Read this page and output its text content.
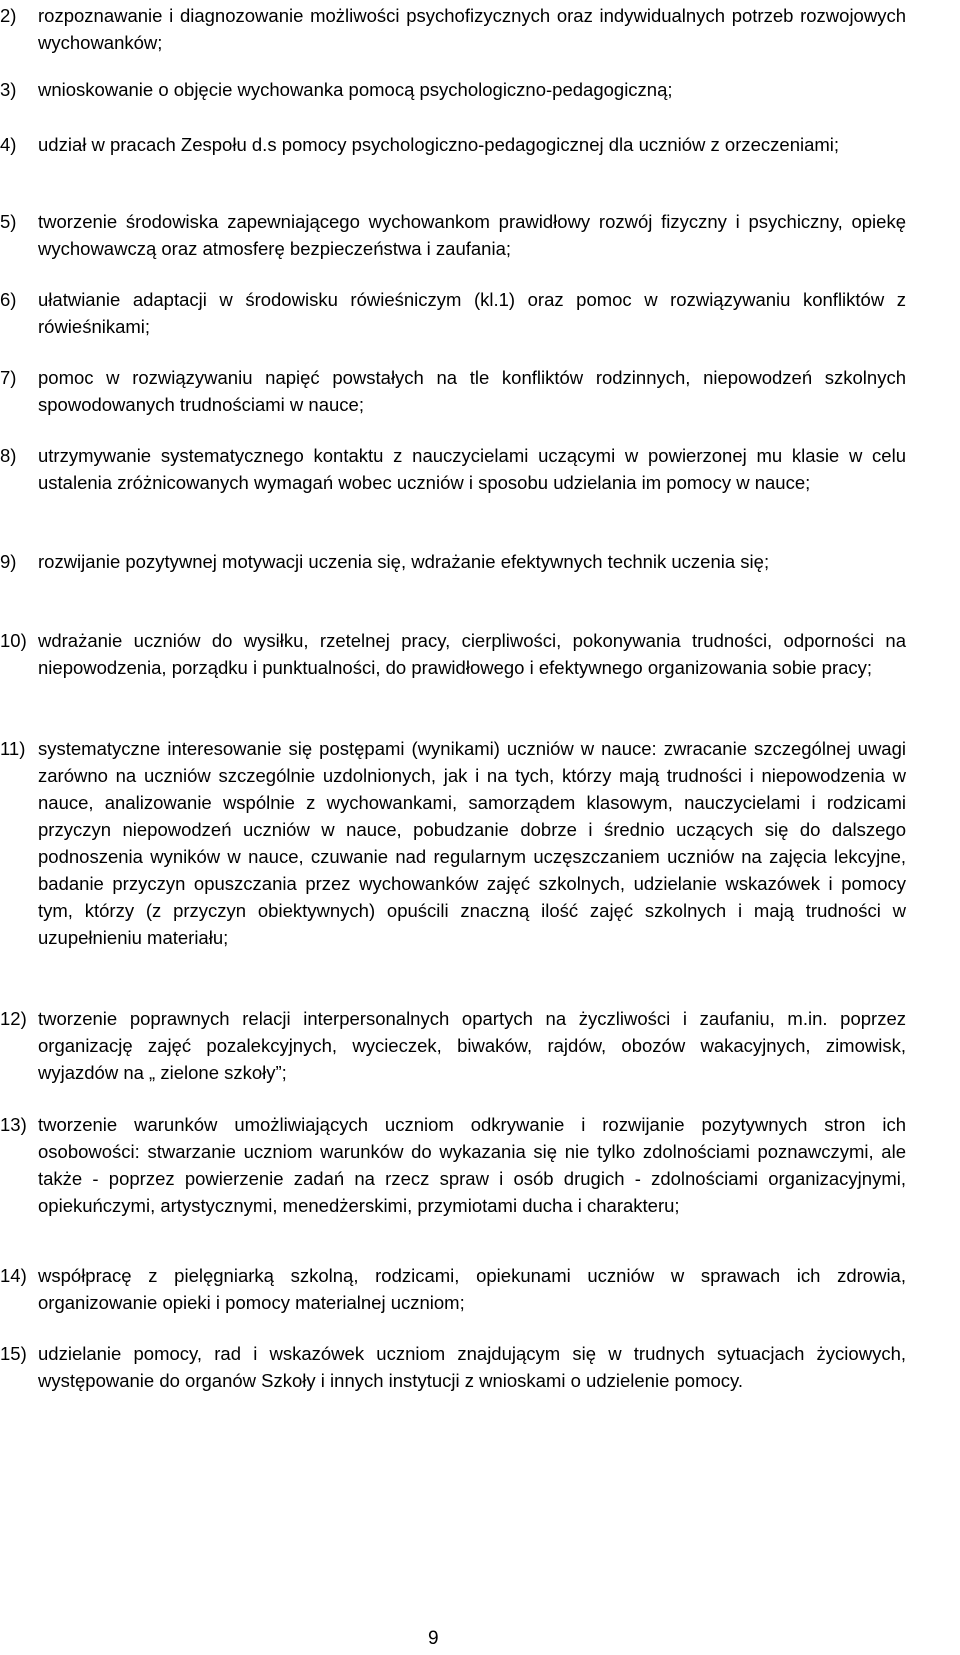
2) rozpoznawanie i diagnozowanie możliwości psychofizycznych oraz indywidualnych potrzeb rozwojowych wychowanków;
3) wnioskowanie o objęcie wychowanka pomocą psychologiczno-pedagogiczną;
4) udział w pracach Zespołu d.s pomocy psychologiczno-pedagogicznej dla uczniów z orzeczeniami;
5) tworzenie środowiska zapewniającego wychowankom prawidłowy rozwój fizyczny i psychiczny, opiekę wychowawczą oraz atmosferę bezpieczeństwa i zaufania;
6) ułatwianie adaptacji w środowisku rówieśniczym (kl.1) oraz pomoc w rozwiązywaniu konfliktów z rówieśnikami;
7) pomoc w rozwiązywaniu napięć powstałych na tle konfliktów rodzinnych, niepowodzeń szkolnych spowodowanych trudnościami w nauce;
8) utrzymywanie systematycznego kontaktu z nauczycielami uczącymi w powierzonej mu klasie w celu ustalenia zróżnicowanych wymagań wobec uczniów i sposobu udzielania im pomocy w nauce;
9) rozwijanie pozytywnej motywacji uczenia się, wdrażanie efektywnych technik uczenia się;
10) wdrażanie uczniów do wysiłku, rzetelnej pracy, cierpliwości, pokonywania trudności, odporności na niepowodzenia, porządku i punktualności, do prawidłowego i efektywnego organizowania sobie pracy;
11) systematyczne interesowanie się postępami (wynikami) uczniów w nauce: zwracanie szczególnej uwagi zarówno na uczniów szczególnie uzdolnionych, jak i na tych, którzy mają trudności i niepowodzenia w nauce, analizowanie wspólnie z wychowankami, samorządem klasowym, nauczycielami i rodzicami przyczyn niepowodzeń uczniów w nauce, pobudzanie dobrze i średnio uczących się do dalszego podnoszenia wyników w nauce, czuwanie nad regularnym uczęszczaniem uczniów na zajęcia lekcyjne, badanie przyczyn opuszczania przez wychowanków zajęć szkolnych, udzielanie wskazówek i pomocy tym, którzy (z przyczyn obiektywnych) opuścili znaczną ilość zajęć szkolnych i mają trudności w uzupełnieniu materiału;
12) tworzenie poprawnych relacji interpersonalnych opartych na życzliwości i zaufaniu, m.in. poprzez organizację zajęć pozalekcyjnych, wycieczek, biwaków, rajdów, obozów wakacyjnych, zimowisk, wyjazdów na „ zielone szkoły”;
13) tworzenie warunków umożliwiających uczniom odkrywanie i rozwijanie pozytywnych stron ich osobowości: stwarzanie uczniom warunków do wykazania się nie tylko zdolnościami poznawczymi, ale także - poprzez powierzenie zadań na rzecz spraw i osób drugich - zdolnościami organizacyjnymi, opiekuńczymi, artystycznymi, menedżerskimi, przymiotami ducha i charakteru;
14) współpracę z pielęgniarką szkolną, rodzicami, opiekunami uczniów w sprawach ich zdrowia, organizowanie opieki i pomocy materialnej uczniom;
15) udzielanie pomocy, rad i wskazówek uczniom znajdującym się w trudnych sytuacjach życiowych, występowanie do organów Szkoły i innych instytucji z wnioskami o udzielenie pomocy.
9
